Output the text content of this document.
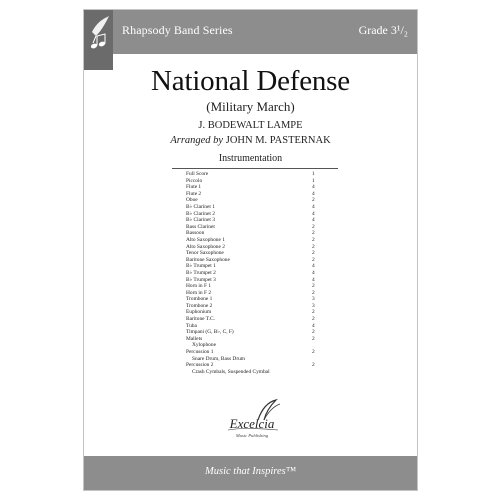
Rhapsody Band Series	Grade 3¹/₂
National Defense
(Military March)
J. BODEWALT LAMPE
Arranged by JOHN M. PASTERNAK
Instrumentation
Full Score	1
Piccolo	1
Flute 1	4
Flute 2	4
Oboe	2
B♭ Clarinet 1	4
B♭ Clarinet 2	4
B♭ Clarinet 3	4
Bass Clarinet	2
Bassoon	2
Alto Saxophone 1	2
Alto Saxophone 2	2
Tenor Saxophone	2
Baritone Saxophone	2
B♭ Trumpet 1	4
B♭ Trumpet 2	4
B♭ Trumpet 3	4
Horn in F 1	2
Horn in F 2	2
Trombone 1	3
Trombone 2	3
Euphonium	2
Baritone T.C.	2
Tuba	4
Timpani (G, B♭, C, F)	2
Mallets	2
Xylophone
Percussion 1	2
Snare Drum, Bass Drum
Percussion 2	2
Crash Cymbals, Suspended Cymbal
Excelcia
Music Publishing
Music that Inspires™
